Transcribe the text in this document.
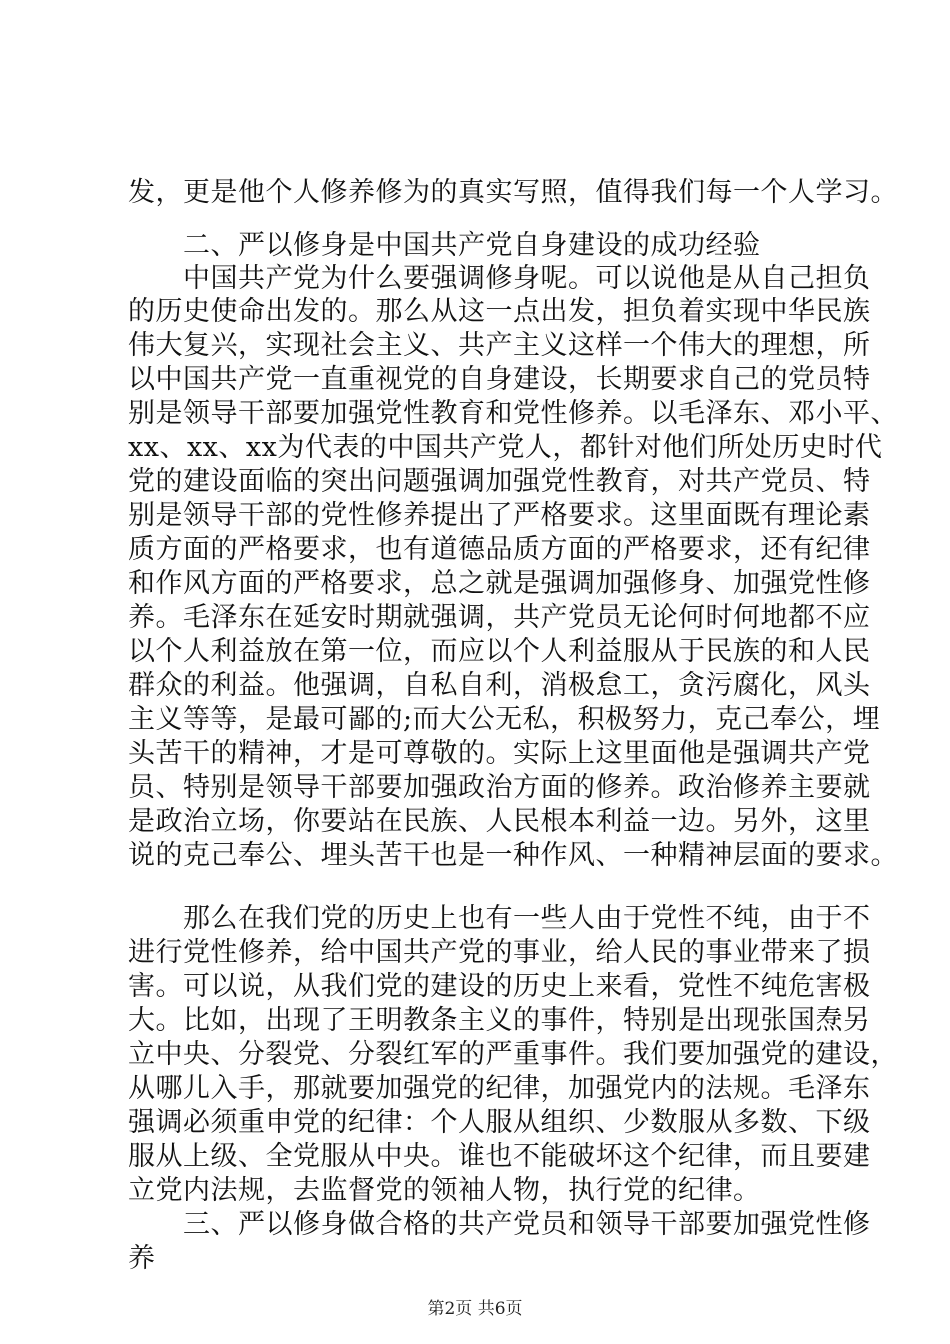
发，更是他个人修养修为的真实写照，值得我们每一个人学习。
二、严以修身是中国共产党自身建设的成功经验
中国共产党为什么要强调修身呢。可以说他是从自己担负
的历史使命出发的。那么从这一点出发，担负着实现中华民族
伟大复兴，实现社会主义、共产主义这样一个伟大的理想，所
以中国共产党一直重视党的自身建设，长期要求自己的党员特
别是领导干部要加强党性教育和党性修养。以毛泽东、邓小平、
xx、xx、xx为代表的中国共产党人，都针对他们所处历史时代
党的建设面临的突出问题强调加强党性教育，对共产党员、特
别是领导干部的党性修养提出了严格要求。这里面既有理论素
质方面的严格要求，也有道德品质方面的严格要求，还有纪律
和作风方面的严格要求，总之就是强调加强修身、加强党性修
养。毛泽东在延安时期就强调，共产党员无论何时何地都不应
以个人利益放在第一位，而应以个人利益服从于民族的和人民
群众的利益。他强调，自私自利，消极怠工，贪污腐化，风头
主义等等，是最可鄙的;而大公无私，积极努力，克己奉公，埋
头苦干的精神，才是可尊敬的。实际上这里面他是强调共产党
员、特别是领导干部要加强政治方面的修养。政治修养主要就
是政治立场，你要站在民族、人民根本利益一边。另外，这里
说的克己奉公、埋头苦干也是一种作风、一种精神层面的要求。
那么在我们党的历史上也有一些人由于党性不纯，由于不
进行党性修养，给中国共产党的事业，给人民的事业带来了损
害。可以说，从我们党的建设的历史上来看，党性不纯危害极
大。比如，出现了王明教条主义的事件，特别是出现张国焘另
立中央、分裂党、分裂红军的严重事件。我们要加强党的建设，
从哪儿入手，那就要加强党的纪律，加强党内的法规。毛泽东
强调必须重申党的纪律：个人服从组织、少数服从多数、下级
服从上级、全党服从中央。谁也不能破坏这个纪律，而且要建
立党内法规，去监督党的领袖人物，执行党的纪律。
三、严以修身做合格的共产党员和领导干部要加强党性修
养
第2页 共6页
